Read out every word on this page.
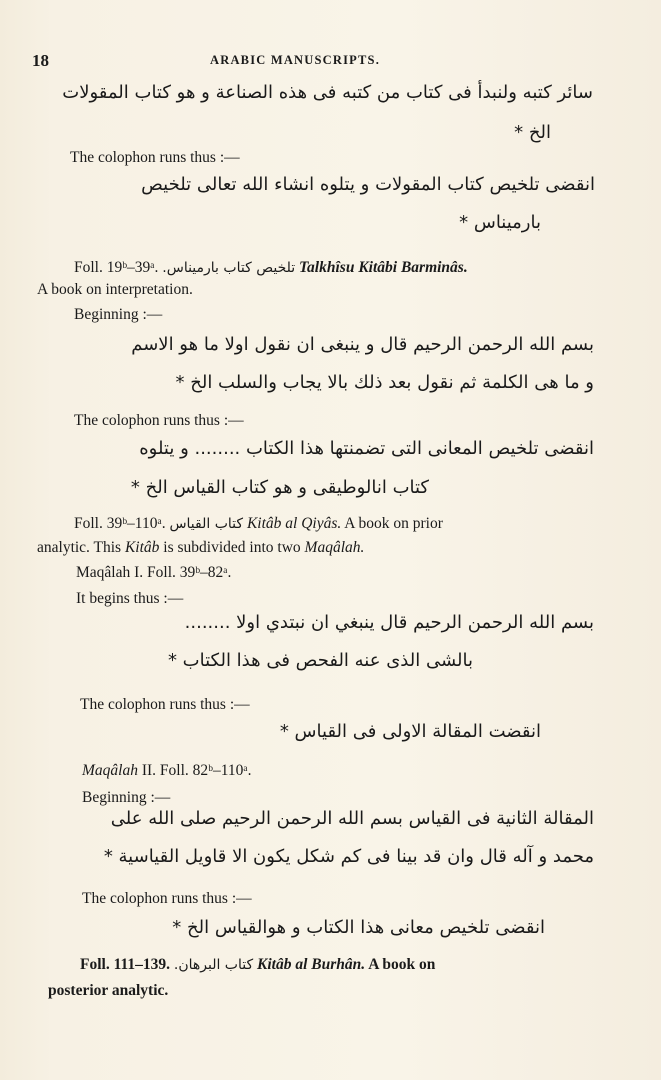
18	ARABIC MANUSCRIPTS.
سائر كتبه ولنبدأ فى كتاب من كتبه فى هذه الصناعة و هو كتاب المقولات
الخ *
The colophon runs thus :—
انقضى تلخيص كتاب المقولات و يتلوه انشاء الله تعالى تلخيص
بارميناس *
Foll. 19ᵇ–39ᵃ. تلخيص كتاب بارميناس. Talkhîsu Kitâbi Barminâs.
A book on interpretation.
Beginning :—
بسم الله الرحمن الرحيم قال و ينبغى ان نقول اولا ما هو الاسم
و ما هى الكلمة ثم نقول بعد ذلك بالا يجاب والسلب الخ *
The colophon runs thus :—
انقضى تلخيص المعانى التى تضمنتها هذا الكتاب ........ و يتلوه
كتاب انالوطيقى و هو كتاب القياس الخ *
Foll. 39ᵇ–110ᵃ. كتاب القياس Kitâb al Qiyâs. A book on prior
analytic. This Kitâb is subdivided into two Maqâlah.
Maqâlah I. Foll. 39ᵇ–82ᵃ.
It begins thus :—
بسم الله الرحمن الرحيم قال ينبغي ان نبتدي اولا ........
بالشى الذى عنه الفحص فى هذا الكتاب *
The colophon runs thus :—
انقضت المقالة الاولى فى القياس *
Maqâlah II. Foll. 82ᵇ–110ᵃ.
Beginning :—
المقالة الثانية فى القياس بسم الله الرحمن الرحيم صلى الله على
محمد و آله قال وان قد بينا فى كم شكل يكون الا قاويل القياسية *
The colophon runs thus :—
انقضى تلخيص معانى هذا الكتاب و هوالقياس الخ *
Foll. 111–139. كتاب البرهان. Kitâb al Burhân. A book on
posterior analytic.
